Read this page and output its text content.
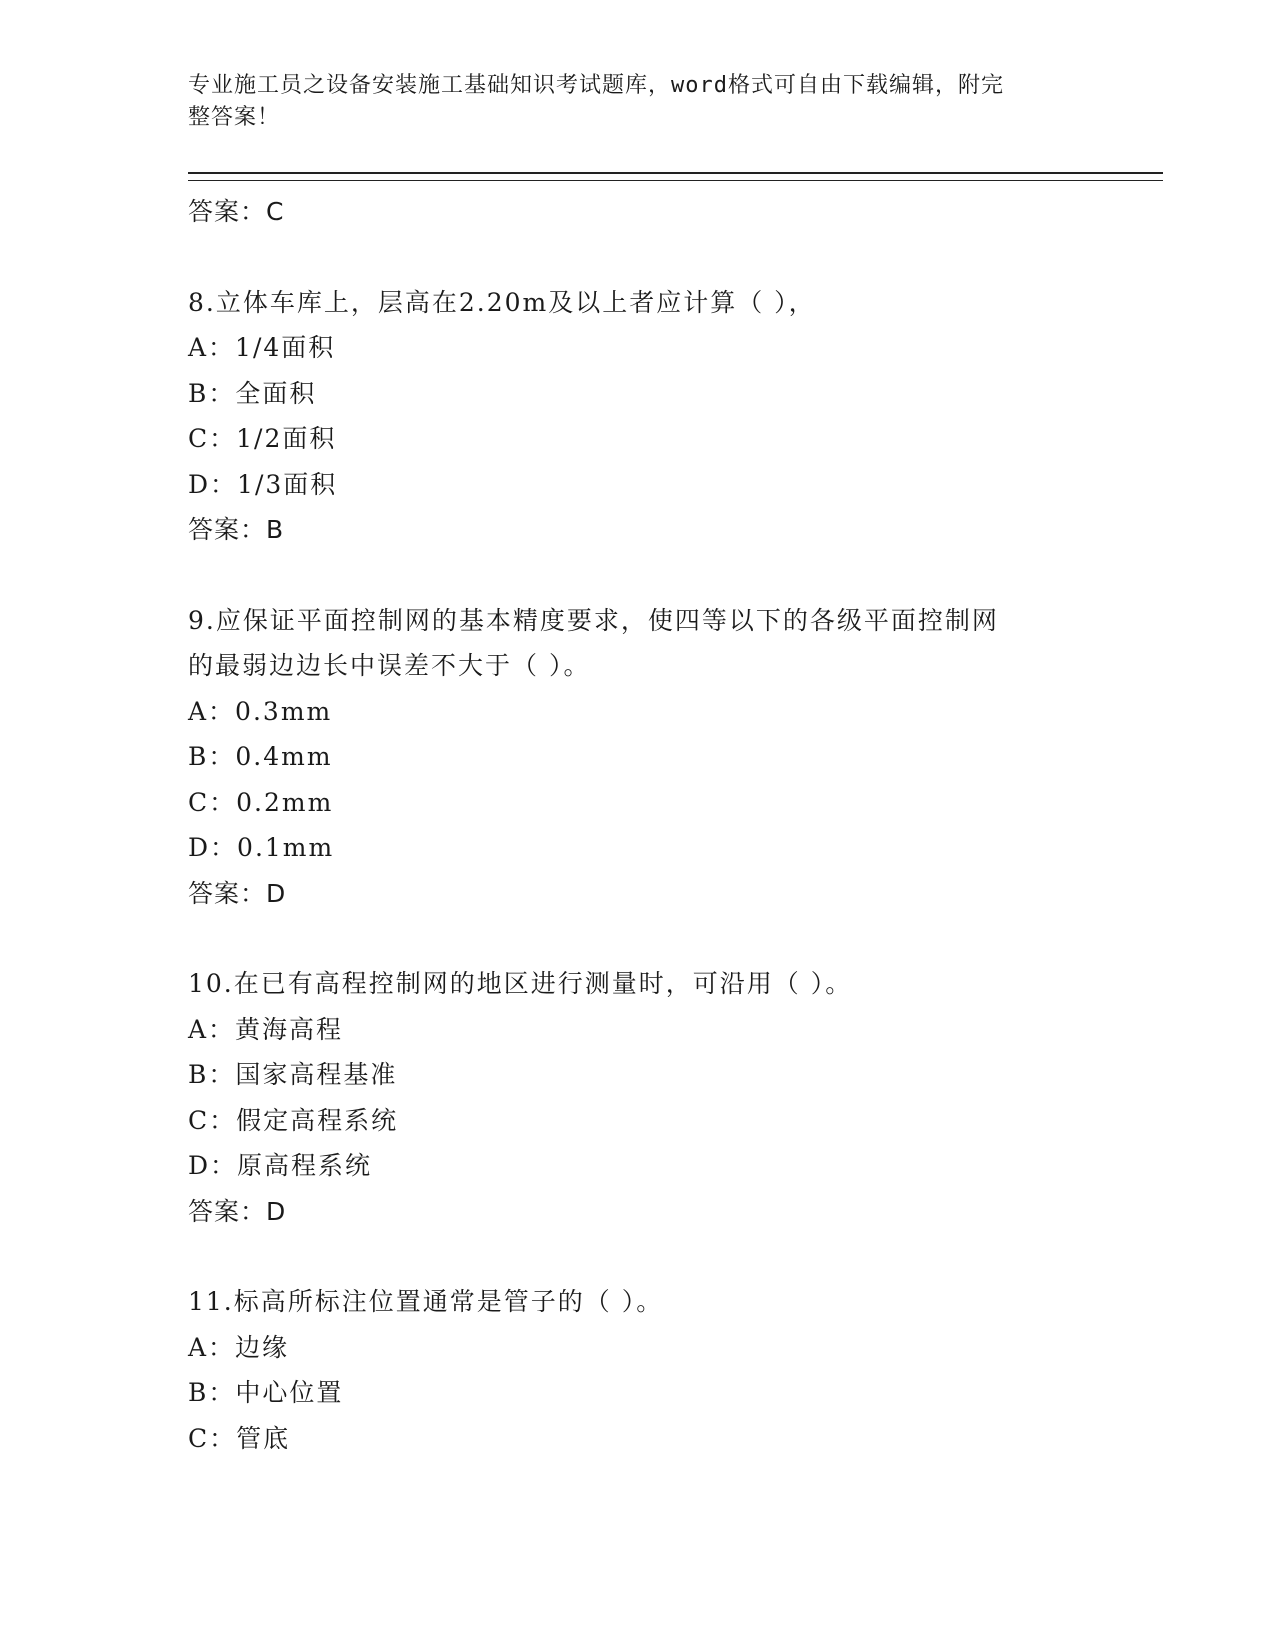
专业施工员之设备安装施工基础知识考试题库，word格式可自由下载编辑，附完
整答案！

答案：C
8.立体车库上，层高在2.20m及以上者应计算（ ），
A：1/4面积
B：全面积
C：1/2面积
D：1/3面积
答案：B
9.应保证平面控制网的基本精度要求，使四等以下的各级平面控制网
的最弱边边长中误差不大于（ ）。
A：0.3mm
B：0.4mm
C：0.2mm
D：0.1mm
答案：D
10.在已有高程控制网的地区进行测量时，可沿用（ ）。
A：黄海高程
B：国家高程基准
C：假定高程系统
D：原高程系统
答案：D
11.标高所标注位置通常是管子的（ ）。
A：边缘
B：中心位置
C：管底
